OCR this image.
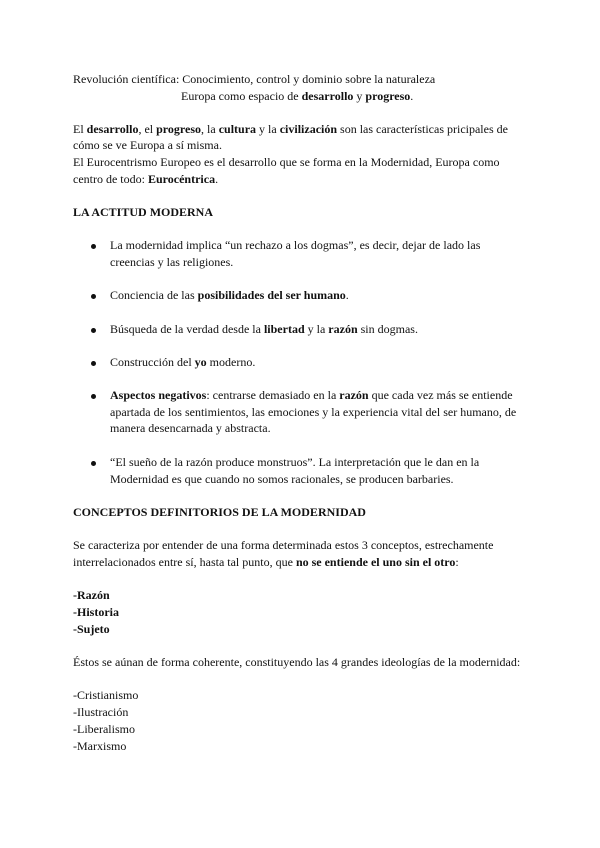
Revolución científica: Conocimiento, control y dominio sobre la naturaleza
Europa como espacio de desarrollo y progreso.
El desarrollo, el progreso, la cultura y la civilización son las características pricipales de
cómo se ve Europa a sí misma.
El Eurocentrismo Europeo es el desarrollo que se forma en la Modernidad, Europa como
centro de todo: Eurocéntrica.
LA ACTITUD MODERNA
La modernidad implica “un rechazo a los dogmas”, es decir, dejar de lado las
creencias y las religiones.
Conciencia de las posibilidades del ser humano.
Búsqueda de la verdad desde la libertad y la razón sin dogmas.
Construcción del yo moderno.
Aspectos negativos: centrarse demasiado en la razón que cada vez más se entiende
apartada de los sentimientos, las emociones y la experiencia vital del ser humano, de
manera desencarnada y abstracta.
“El sueño de la razón produce monstruos”. La interpretación que le dan en la
Modernidad es que cuando no somos racionales, se producen barbaries.
CONCEPTOS DEFINITORIOS DE LA MODERNIDAD
Se caracteriza por entender de una forma determinada estos 3 conceptos, estrechamente
interrelacionados entre sí, hasta tal punto, que no se entiende el uno sin el otro:
-Razón
-Historia
-Sujeto
Éstos se aúnan de forma coherente, constituyendo las 4 grandes ideologías de la modernidad:
-Cristianismo
-Ilustración
-Liberalismo
-Marxismo
